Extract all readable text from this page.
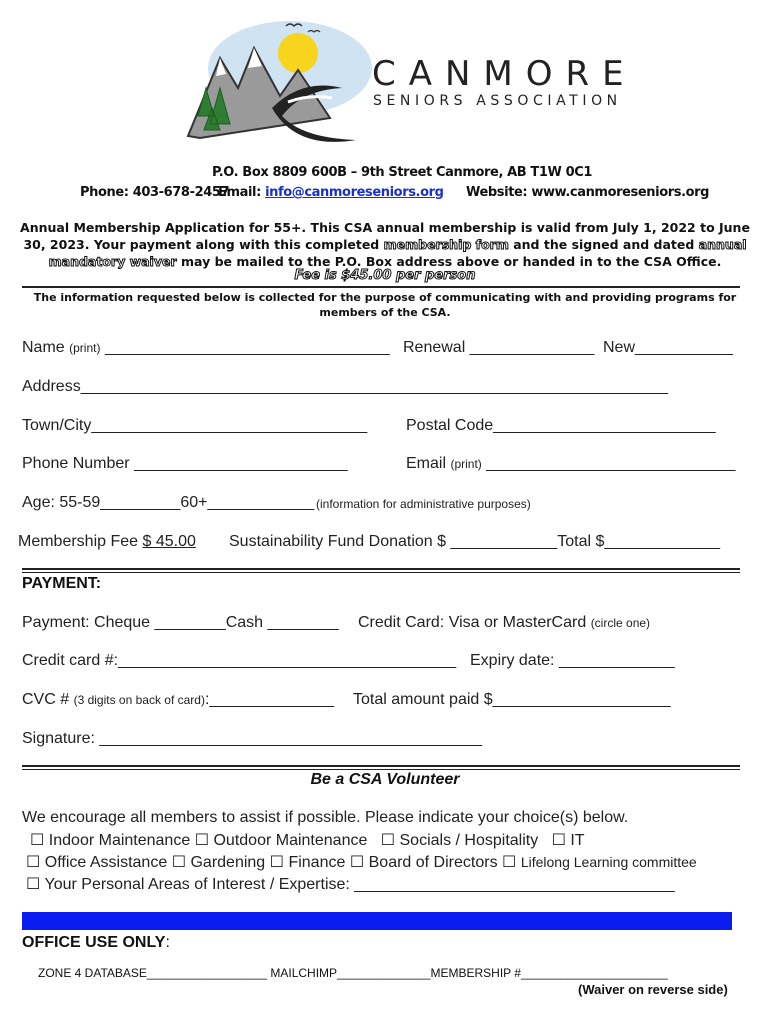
CANMORE
SENIORS ASSOCIATION
P.O. Box 8809 600B – 9th Street Canmore, AB T1W 0C1
Phone: 403-678-2457
Email: info@canmoreseniors.org Website: www.canmoreseniors.org
Annual Membership Application for 55+. This CSA annual membership is valid from July 1, 2022 to June 30, 2023. Your payment along with this completed membership form and the signed and dated annual mandatory waiver may be mailed to the P.O. Box address above or handed in to the CSA Office.
Fee is $45.00 per person
The information requested below is collected for the purpose of communicating with and providing programs for members of the CSA.
Name (print) ________________________________ Renewal ______________ New___________
Address__________________________________________________________________
Town/City_______________________________ Postal Code_________________________
Phone Number ________________________	Email (print) ____________________________
Age: 55-59_________60+____________ (information for administrative purposes)
Membership Fee $ 45.00 Sustainability Fund Donation $ ____________Total $_____________
PAYMENT:
Payment: Cheque ________Cash ________ Credit Card: Visa or MasterCard (circle one)
Credit card #:______________________________________ Expiry date: _____________
CVC # (3 digits on back of card):______________ Total amount paid $____________________
Signature: ___________________________________________
Be a CSA Volunteer
We encourage all members to assist if possible. Please indicate your choice(s) below.
☐ Indoor Maintenance ☐ Outdoor Maintenance ☐ Socials / Hospitality ☐ IT
☐ Office Assistance ☐ Gardening ☐ Finance ☐ Board of Directors ☐ Lifelong Learning committee
☐ Your Personal Areas of Interest / Expertise: ____________________________________
OFFICE USE ONLY:
ZONE 4 DATABASE__________________ MAILCHIMP______________MEMBERSHIP #______________________
(Waiver on reverse side)
